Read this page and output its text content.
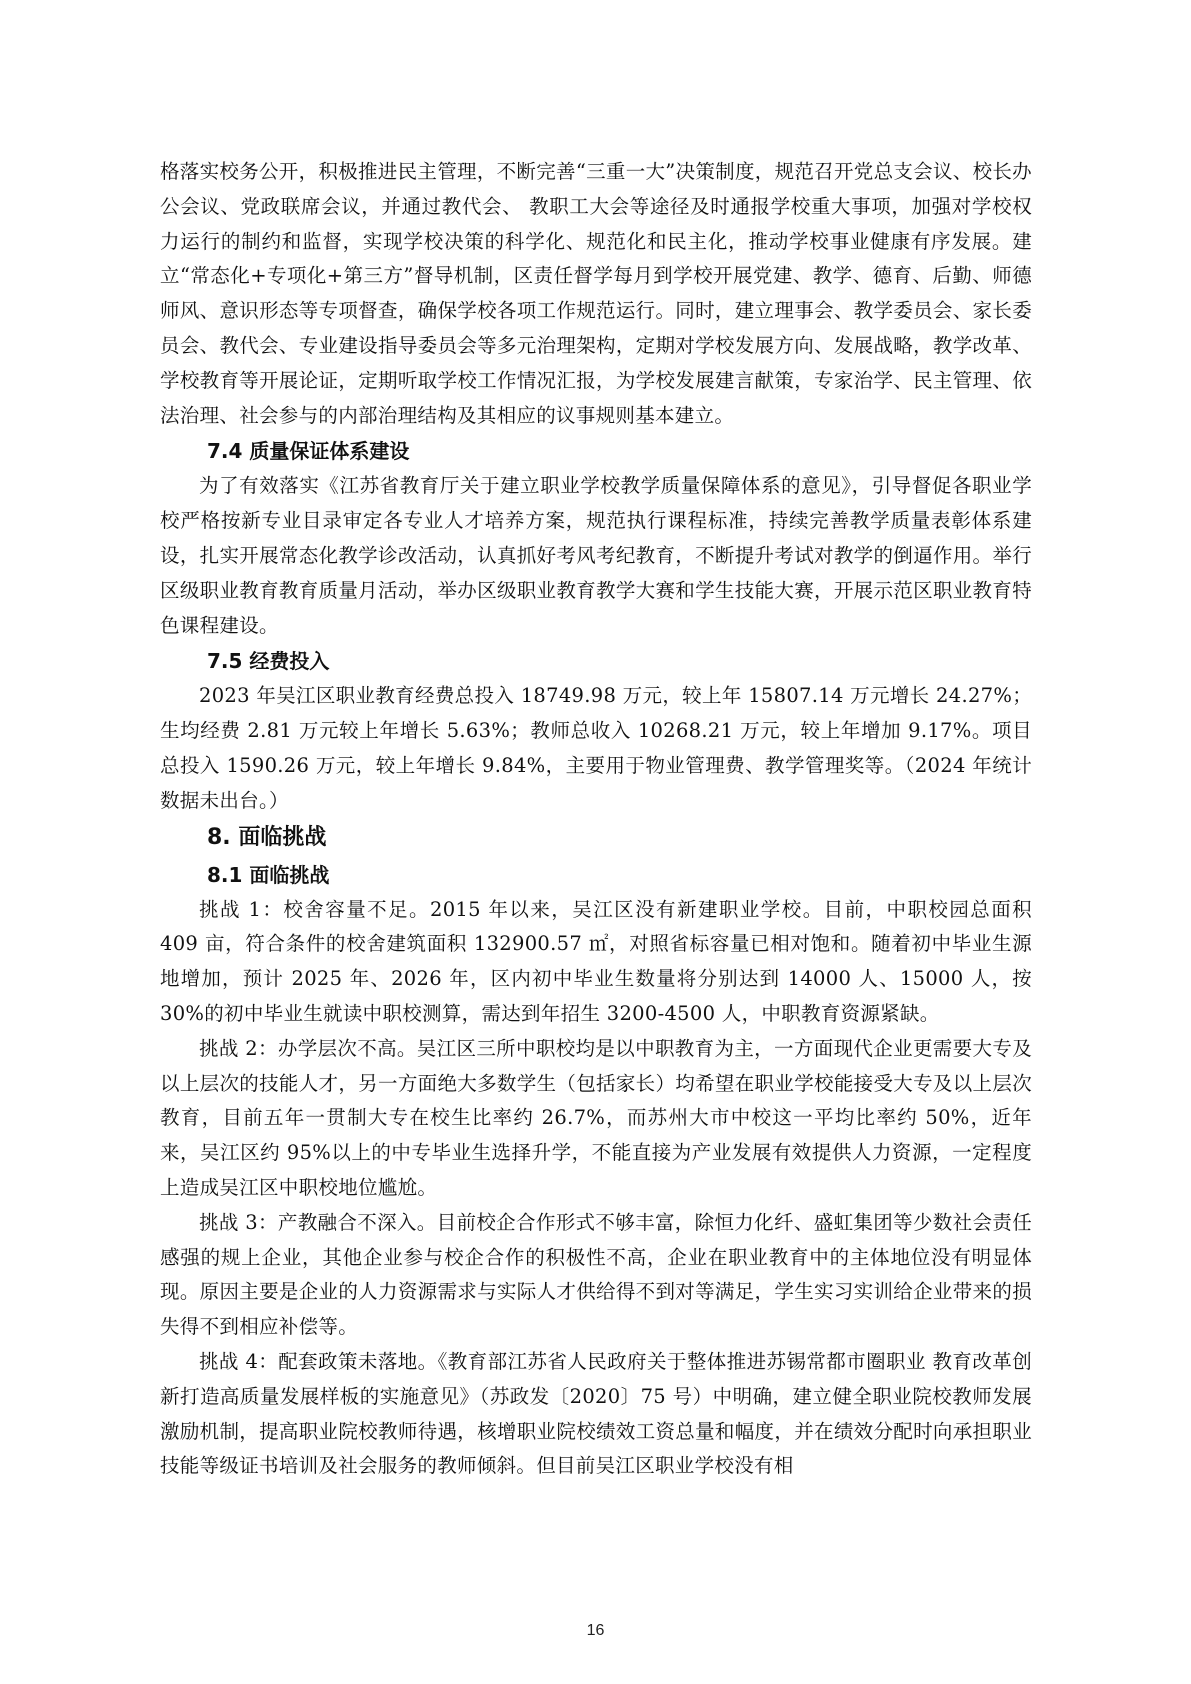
格落实校务公开，积极推进民主管理，不断完善“三重一大”决策制度，规范召开党总支会议、校长办公会议、党政联席会议，并通过教代会、 教职工大会等途径及时通报学校重大事项，加强对学校权力运行的制约和监督，实现学校决策的科学化、规范化和民主化，推动学校事业健康有序发展。建立“常态化+专项化+第三方”督导机制，区责任督学每月到学校开展党建、教学、德育、后勤、师德师风、意识形态等专项督查，确保学校各项工作规范运行。同时，建立理事会、教学委员会、家长委员会、教代会、专业建设指导委员会等多元治理架构，定期对学校发展方向、发展战略，教学改革、学校教育等开展论证，定期听取学校工作情况汇报，为学校发展建言献策，专家治学、民主管理、依法治理、社会参与的内部治理结构及其相应的议事规则基本建立。

7.4 质量保证体系建设

为了有效落实《江苏省教育厅关于建立职业学校教学质量保障体系的意见》，引导督促各职业学校严格按新专业目录审定各专业人才培养方案，规范执行课程标准，持续完善教学质量表彰体系建设，扎实开展常态化教学诊改活动，认真抓好考风考纪教育，不断提升考试对教学的倒逼作用。举行区级职业教育教育质量月活动，举办区级职业教育教学大赛和学生技能大赛，开展示范区职业教育特色课程建设。

7.5 经费投入

2023 年吴江区职业教育经费总投入 18749.98 万元，较上年 15807.14 万元增长 24.27%；生均经费 2.81 万元较上年增长 5.63%；教师总收入 10268.21 万元，较上年增加 9.17%。项目总投入 1590.26 万元，较上年增长 9.84%，主要用于物业管理费、教学管理奖等。（2024 年统计数据未出台。）

8. 面临挑战
8.1 面临挑战

挑战 1：校舍容量不足。2015 年以来，吴江区没有新建职业学校。目前，中职校园总面积 409 亩，符合条件的校舍建筑面积 132900.57 ㎡，对照省标容量已相对饱和。随着初中毕业生源地增加，预计 2025 年、2026 年，区内初中毕业生数量将分别达到 14000 人、15000 人，按 30%的初中毕业生就读中职校测算，需达到年招生 3200-4500 人，中职教育资源紧缺。

挑战 2：办学层次不高。吴江区三所中职校均是以中职教育为主，一方面现代企业更需要大专及以上层次的技能人才，另一方面绝大多数学生（包括家长）均希望在职业学校能接受大专及以上层次教育，目前五年一贯制大专在校生比率约 26.7%，而苏州大市中校这一平均比率约 50%，近年来，吴江区约 95%以上的中专毕业生选择升学，不能直接为产业发展有效提供人力资源，一定程度上造成吴江区中职校地位尴尬。

挑战 3：产教融合不深入。目前校企合作形式不够丰富，除恒力化纤、盛虹集团等少数社会责任感强的规上企业，其他企业参与校企合作的积极性不高，企业在职业教育中的主体地位没有明显体现。原因主要是企业的人力资源需求与实际人才供给得不到对等满足，学生实习实训给企业带来的损失得不到相应补偿等。

挑战 4：配套政策未落地。《教育部江苏省人民政府关于整体推进苏锡常都市圈职业 教育改革创新打造高质量发展样板的实施意见》（苏政发〔2020〕75 号）中明确，建立健全职业院校教师发展激励机制，提高职业院校教师待遇，核增职业院校绩效工资总量和幅度，并在绩效分配时向承担职业技能等级证书培训及社会服务的教师倾斜。但目前吴江区职业学校没有相

16
